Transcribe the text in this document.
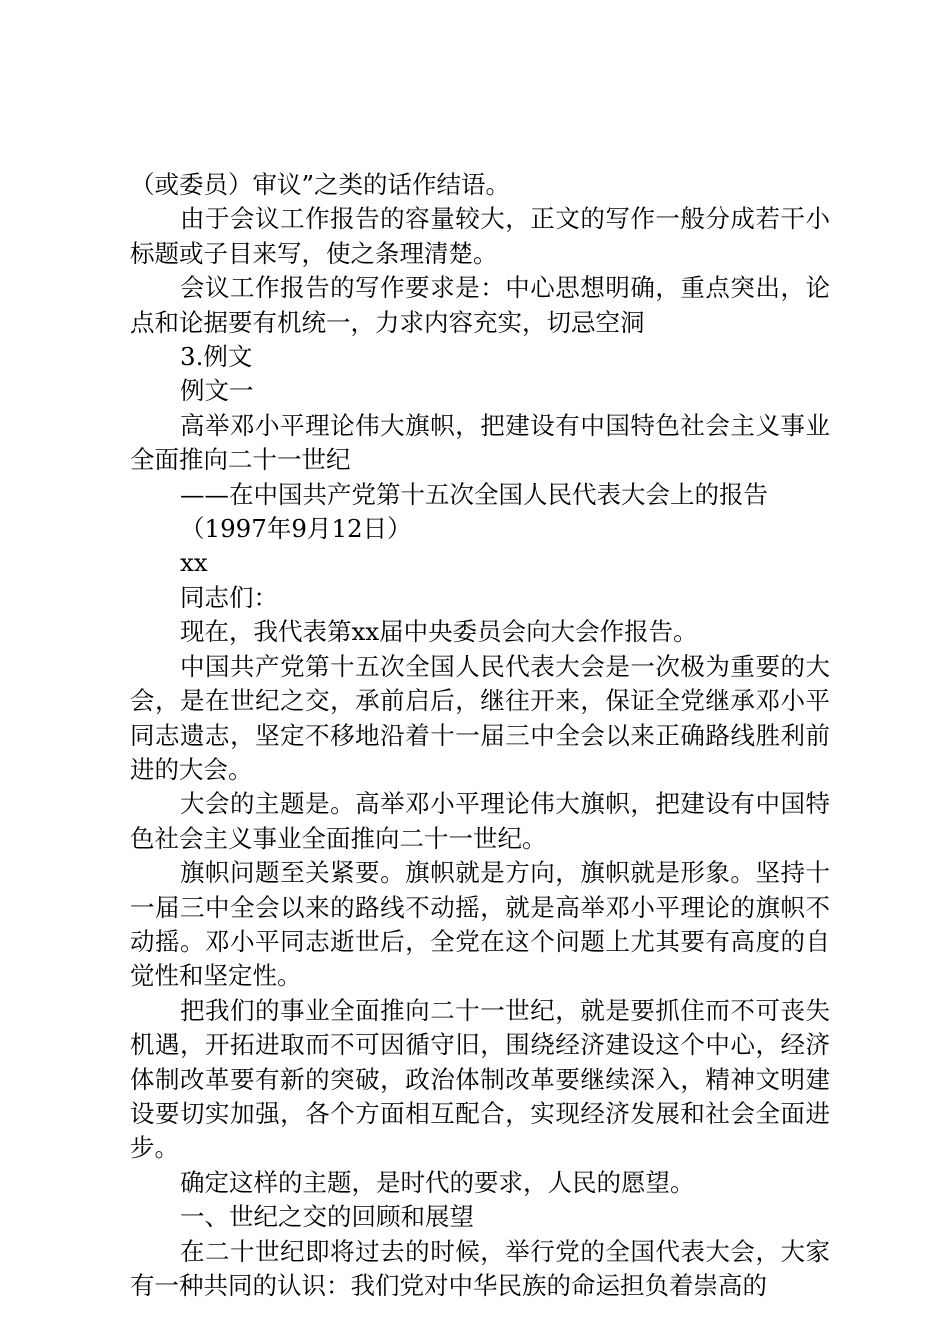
（或委员）审议”之类的话作结语。

由于会议工作报告的容量较大，正文的写作一般分成若干小标题或子目来写，使之条理清楚。

会议工作报告的写作要求是：中心思想明确，重点突出，论点和论据要有机统一，力求内容充实，切忌空洞

3.例文

例文一

高举邓小平理论伟大旗帜，把建设有中国特色社会主义事业全面推向二十一世纪

——在中国共产党第十五次全国人民代表大会上的报告

（1997年9月12日）

xx

同志们：

现在，我代表第xx届中央委员会向大会作报告。

中国共产党第十五次全国人民代表大会是一次极为重要的大会，是在世纪之交，承前启后，继往开来，保证全党继承邓小平同志遗志，坚定不移地沿着十一届三中全会以来正确路线胜利前进的大会。

大会的主题是。高举邓小平理论伟大旗帜，把建设有中国特色社会主义事业全面推向二十一世纪。

旗帜问题至关紧要。旗帜就是方向，旗帜就是形象。坚持十一届三中全会以来的路线不动摇，就是高举邓小平理论的旗帜不动摇。邓小平同志逝世后，全党在这个问题上尤其要有高度的自觉性和坚定性。

把我们的事业全面推向二十一世纪，就是要抓住而不可丧失机遇，开拓进取而不可因循守旧，围绕经济建设这个中心，经济体制改革要有新的突破，政治体制改革要继续深入，精神文明建设要切实加强，各个方面相互配合，实现经济发展和社会全面进步。

确定这样的主题，是时代的要求，人民的愿望。

一、世纪之交的回顾和展望

在二十世纪即将过去的时候，举行党的全国代表大会，大家有一种共同的认识：我们党对中华民族的命运担负着崇高的
